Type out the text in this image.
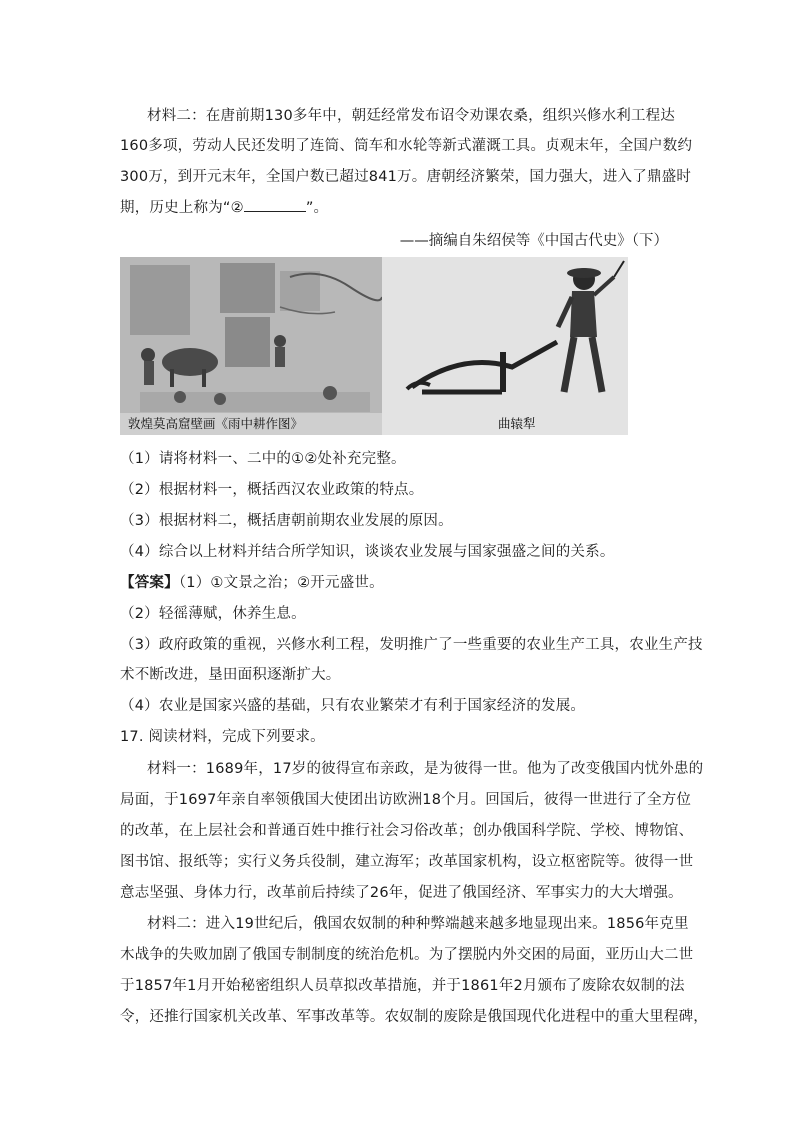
材料二：在唐前期130多年中，朝廷经常发布诏令劝课农桑，组织兴修水利工程达
160多项，劳动人民还发明了连筒、筒车和水轮等新式灌溉工具。贞观末年，全国户数约
300万，到开元末年，全国户数已超过841万。唐朝经济繁荣，国力强大，进入了鼎盛时
期，历史上称为“②	”。
——摘编自朱绍侯等《中国古代史》（下）
敦煌莫高窟壁画《雨中耕作图》	曲辕犁
（1）请将材料一、二中的①②处补充完整。
（2）根据材料一，概括西汉农业政策的特点。
（3）根据材料二，概括唐朝前期农业发展的原因。
（4）综合以上材料并结合所学知识，谈谈农业发展与国家强盛之间的关系。
【答案】（1）①文景之治；②开元盛世。
（2）轻徭薄赋，休养生息。
（3）政府政策的重视，兴修水利工程，发明推广了一些重要的农业生产工具，农业生产技
术不断改进，垦田面积逐渐扩大。
（4）农业是国家兴盛的基础，只有农业繁荣才有利于国家经济的发展。
17. 阅读材料，完成下列要求。
材料一：1689年，17岁的彼得宣布亲政，是为彼得一世。他为了改变俄国内忧外患的
局面，于1697年亲自率领俄国大使团出访欧洲18个月。回国后，彼得一世进行了全方位
的改革，在上层社会和普通百姓中推行社会习俗改革；创办俄国科学院、学校、博物馆、
图书馆、报纸等；实行义务兵役制，建立海军；改革国家机构，设立枢密院等。彼得一世
意志坚强、身体力行，改革前后持续了26年，促进了俄国经济、军事实力的大大增强。
材料二：进入19世纪后，俄国农奴制的种种弊端越来越多地显现出来。1856年克里
木战争的失败加剧了俄国专制制度的统治危机。为了摆脱内外交困的局面，亚历山大二世
于1857年1月开始秘密组织人员草拟改革措施，并于1861年2月颁布了废除农奴制的法
令，还推行国家机关改革、军事改革等。农奴制的废除是俄国现代化进程中的重大里程碑，
